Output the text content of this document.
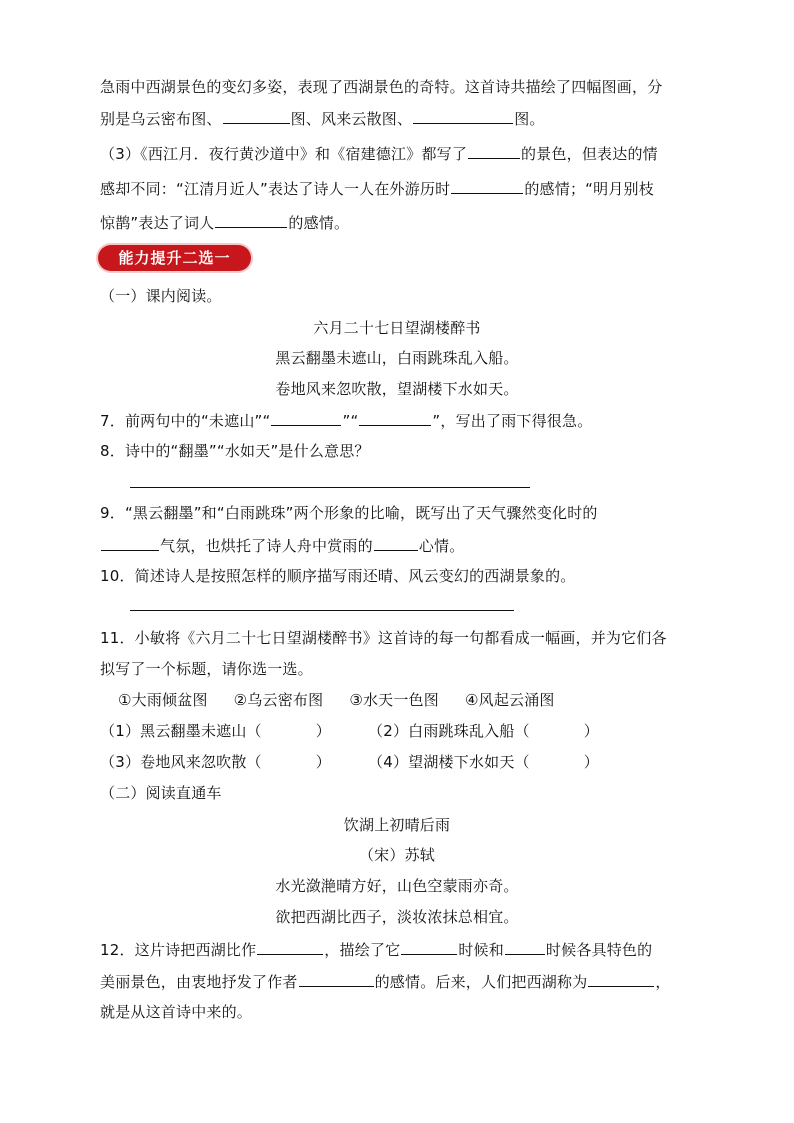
急雨中西湖景色的变幻多姿，表现了西湖景色的奇特。这首诗共描绘了四幅图画，分
别是乌云密布图、	图、风来云散图、	图。
（3）《西江月．夜行黄沙道中》和《宿建德江》都写了	的景色，但表达的情
感却不同：“江清月近人”表达了诗人一人在外游历时	的感情；“明月别枝
惊鹊”表达了词人	的感情。
能力提升二选一
（一）课内阅读。
六月二十七日望湖楼醉书
黑云翻墨未遮山，白雨跳珠乱入船。
卷地风来忽吹散，望湖楼下水如天。
7．前两句中的“未遮山”“	”“	”，写出了雨下得很急。
8．诗中的“翻墨”“水如天”是什么意思？
9．“黑云翻墨”和“白雨跳珠”两个形象的比喻，既写出了天气骤然变化时的
气氛，也烘托了诗人舟中赏雨的	心情。
10．简述诗人是按照怎样的顺序描写雨还晴、风云变幻的西湖景象的。
11．小敏将《六月二十七日望湖楼醉书》这首诗的每一句都看成一幅画，并为它们各
拟写了一个标题，请你选一选。
①大雨倾盆图 ②乌云密布图 ③水天一色图 ④风起云涌图
（1）黑云翻墨未遮山（	） （2）白雨跳珠乱入船（	）
（3）卷地风来忽吹散（	） （4）望湖楼下水如天（	）
（二）阅读直通车
饮湖上初晴后雨
（宋）苏轼
水光潋滟晴方好，山色空蒙雨亦奇。
欲把西湖比西子，淡妆浓抹总相宜。
12．这片诗把西湖比作	，描绘了它	时候和	时候各具特色的
美丽景色，由衷地抒发了作者	的感情。后来，人们把西湖称为	，
就是从这首诗中来的。
